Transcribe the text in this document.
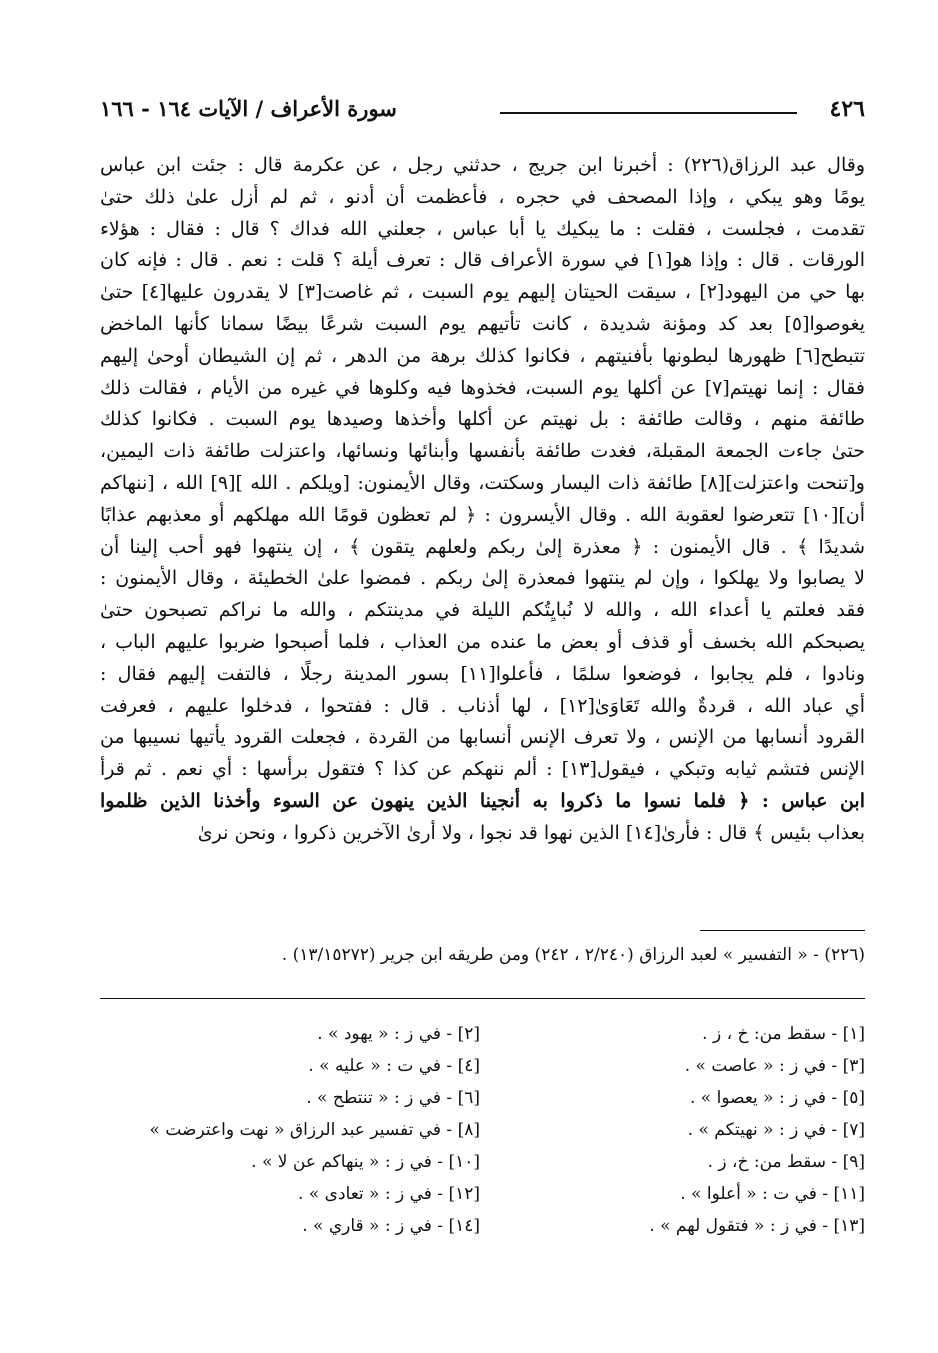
٤٢٦
سورة الأعراف / الآيات ١٦٤ - ١٦٦
وقال عبد الرزاق(٢٢٦) : أخبرنا ابن جريج ، حدثني رجل ، عن عكرمة قال : جئت ابن عباس
يومًا وهو يبكي ، وإذا المصحف في حجره ، فأعظمت أن أدنو ، ثم لم أزل علىٰ ذلك حتىٰ
تقدمت ، فجلست ، فقلت : ما يبكيك يا أبا عباس ، جعلني الله فداك ؟ قال : فقال : هؤلاء
الورقات . قال : وإذا هو[١] في سورة الأعراف قال : تعرف أيلة ؟ قلت : نعم . قال : فإنه كان
بها حي من اليهود[٢] ، سيقت الحيتان إليهم يوم السبت ، ثم غاصت[٣] لا يقدرون عليها[٤] حتىٰ
يغوصوا[٥] بعد كد ومؤنة شديدة ، كانت تأتيهم يوم السبت شرعًا بيضًا سمانا كأنها الماخض
تتبطح[٦] ظهورها لبطونها بأفنيتهم ، فكانوا كذلك برهة من الدهر ، ثم إن الشيطان أوحىٰ إليهم
فقال : إنما نهيتم[٧] عن أكلها يوم السبت، فخذوها فيه وكلوها في غيره من الأيام ، فقالت ذلك
طائفة منهم ، وقالت طائفة : بل نهيتم عن أكلها وأخذها وصيدها يوم السبت . فكانوا كذلك
حتىٰ جاءت الجمعة المقبلة، فغدت طائفة بأنفسها وأبنائها ونسائها، واعتزلت طائفة ذات اليمين،
و[تنحت واعتزلت][٨] طائفة ذات اليسار وسكتت، وقال الأيمنون: [ويلكم . الله ][٩] الله ، [ننهاكم
أن][١٠] تتعرضوا لعقوبة الله . وقال الأيسرون : ﴿ لم تعظون قومًا الله مهلكهم أو معذبهم عذابًا
شديدًا ﴾ . قال الأيمنون : ﴿ معذرة إلىٰ ربكم ولعلهم يتقون ﴾ ، إن ينتهوا فهو أحب إلينا أن
لا يصابوا ولا يهلكوا ، وإن لم ينتهوا فمعذرة إلىٰ ربكم . فمضوا علىٰ الخطيئة ، وقال الأيمنون :
فقد فعلتم يا أعداء الله ، والله لا نُبايِتُكم الليلة في مدينتكم ، والله ما نراكم تصبحون حتىٰ
يصبحكم الله بخسف أو قذف أو بعض ما عنده من العذاب ، فلما أصبحوا ضربوا عليهم الباب ،
ونادوا ، فلم يجابوا ، فوضعوا سلمًا ، فأعلوا[١١] بسور المدينة رجلًا ، فالتفت إليهم فقال :
أي عباد الله ، قردةٌ والله تَعَاوَىٰ[١٢] ، لها أذناب . قال : ففتحوا ، فدخلوا عليهم ، فعرفت
القرود أنسابها من الإنس ، ولا تعرف الإنس أنسابها من القردة ، فجعلت القرود يأتيها نسيبها من
الإنس فتشم ثيابه وتبكي ، فيقول[١٣] : ألم ننهكم عن كذا ؟ فتقول برأسها : أي نعم . ثم قرأ
ابن عباس : ﴿ فلما نسوا ما ذكروا به أنجينا الذين ينهون عن السوء وأخذنا الذين ظلموا
بعذاب بئيس ﴾ قال : فأرىٰ[١٤] الذين نهوا قد نجوا ، ولا أرىٰ الآخرين ذكروا ، ونحن نرىٰ
(٢٢٦) - « التفسير » لعبد الرزاق (٢/٢٤٠ ، ٢٤٢) ومن طريقه ابن جرير (١٣/١٥٢٧٢) .
[١] - سقط من: خ ، ز .
[٢] - في ز : « يهود » .
[٣] - في ز : « عاصت » .
[٤] - في ت : « عليه » .
[٥] - في ز : « يعصوا » .
[٦] - في ز : « تنتطح » .
[٧] - في ز : « نهيتكم » .
[٨] - في تفسير عبد الرزاق « نهت واعترضت »
[٩] - سقط من: خ، ز .
[١٠] - في ز : « ينهاكم عن لا » .
[١١] - في ت : « أعلوا » .
[١٢] - في ز : « تعادى » .
[١٣] - في ز : « فتقول لهم » .
[١٤] - في ز : « قاري » .
